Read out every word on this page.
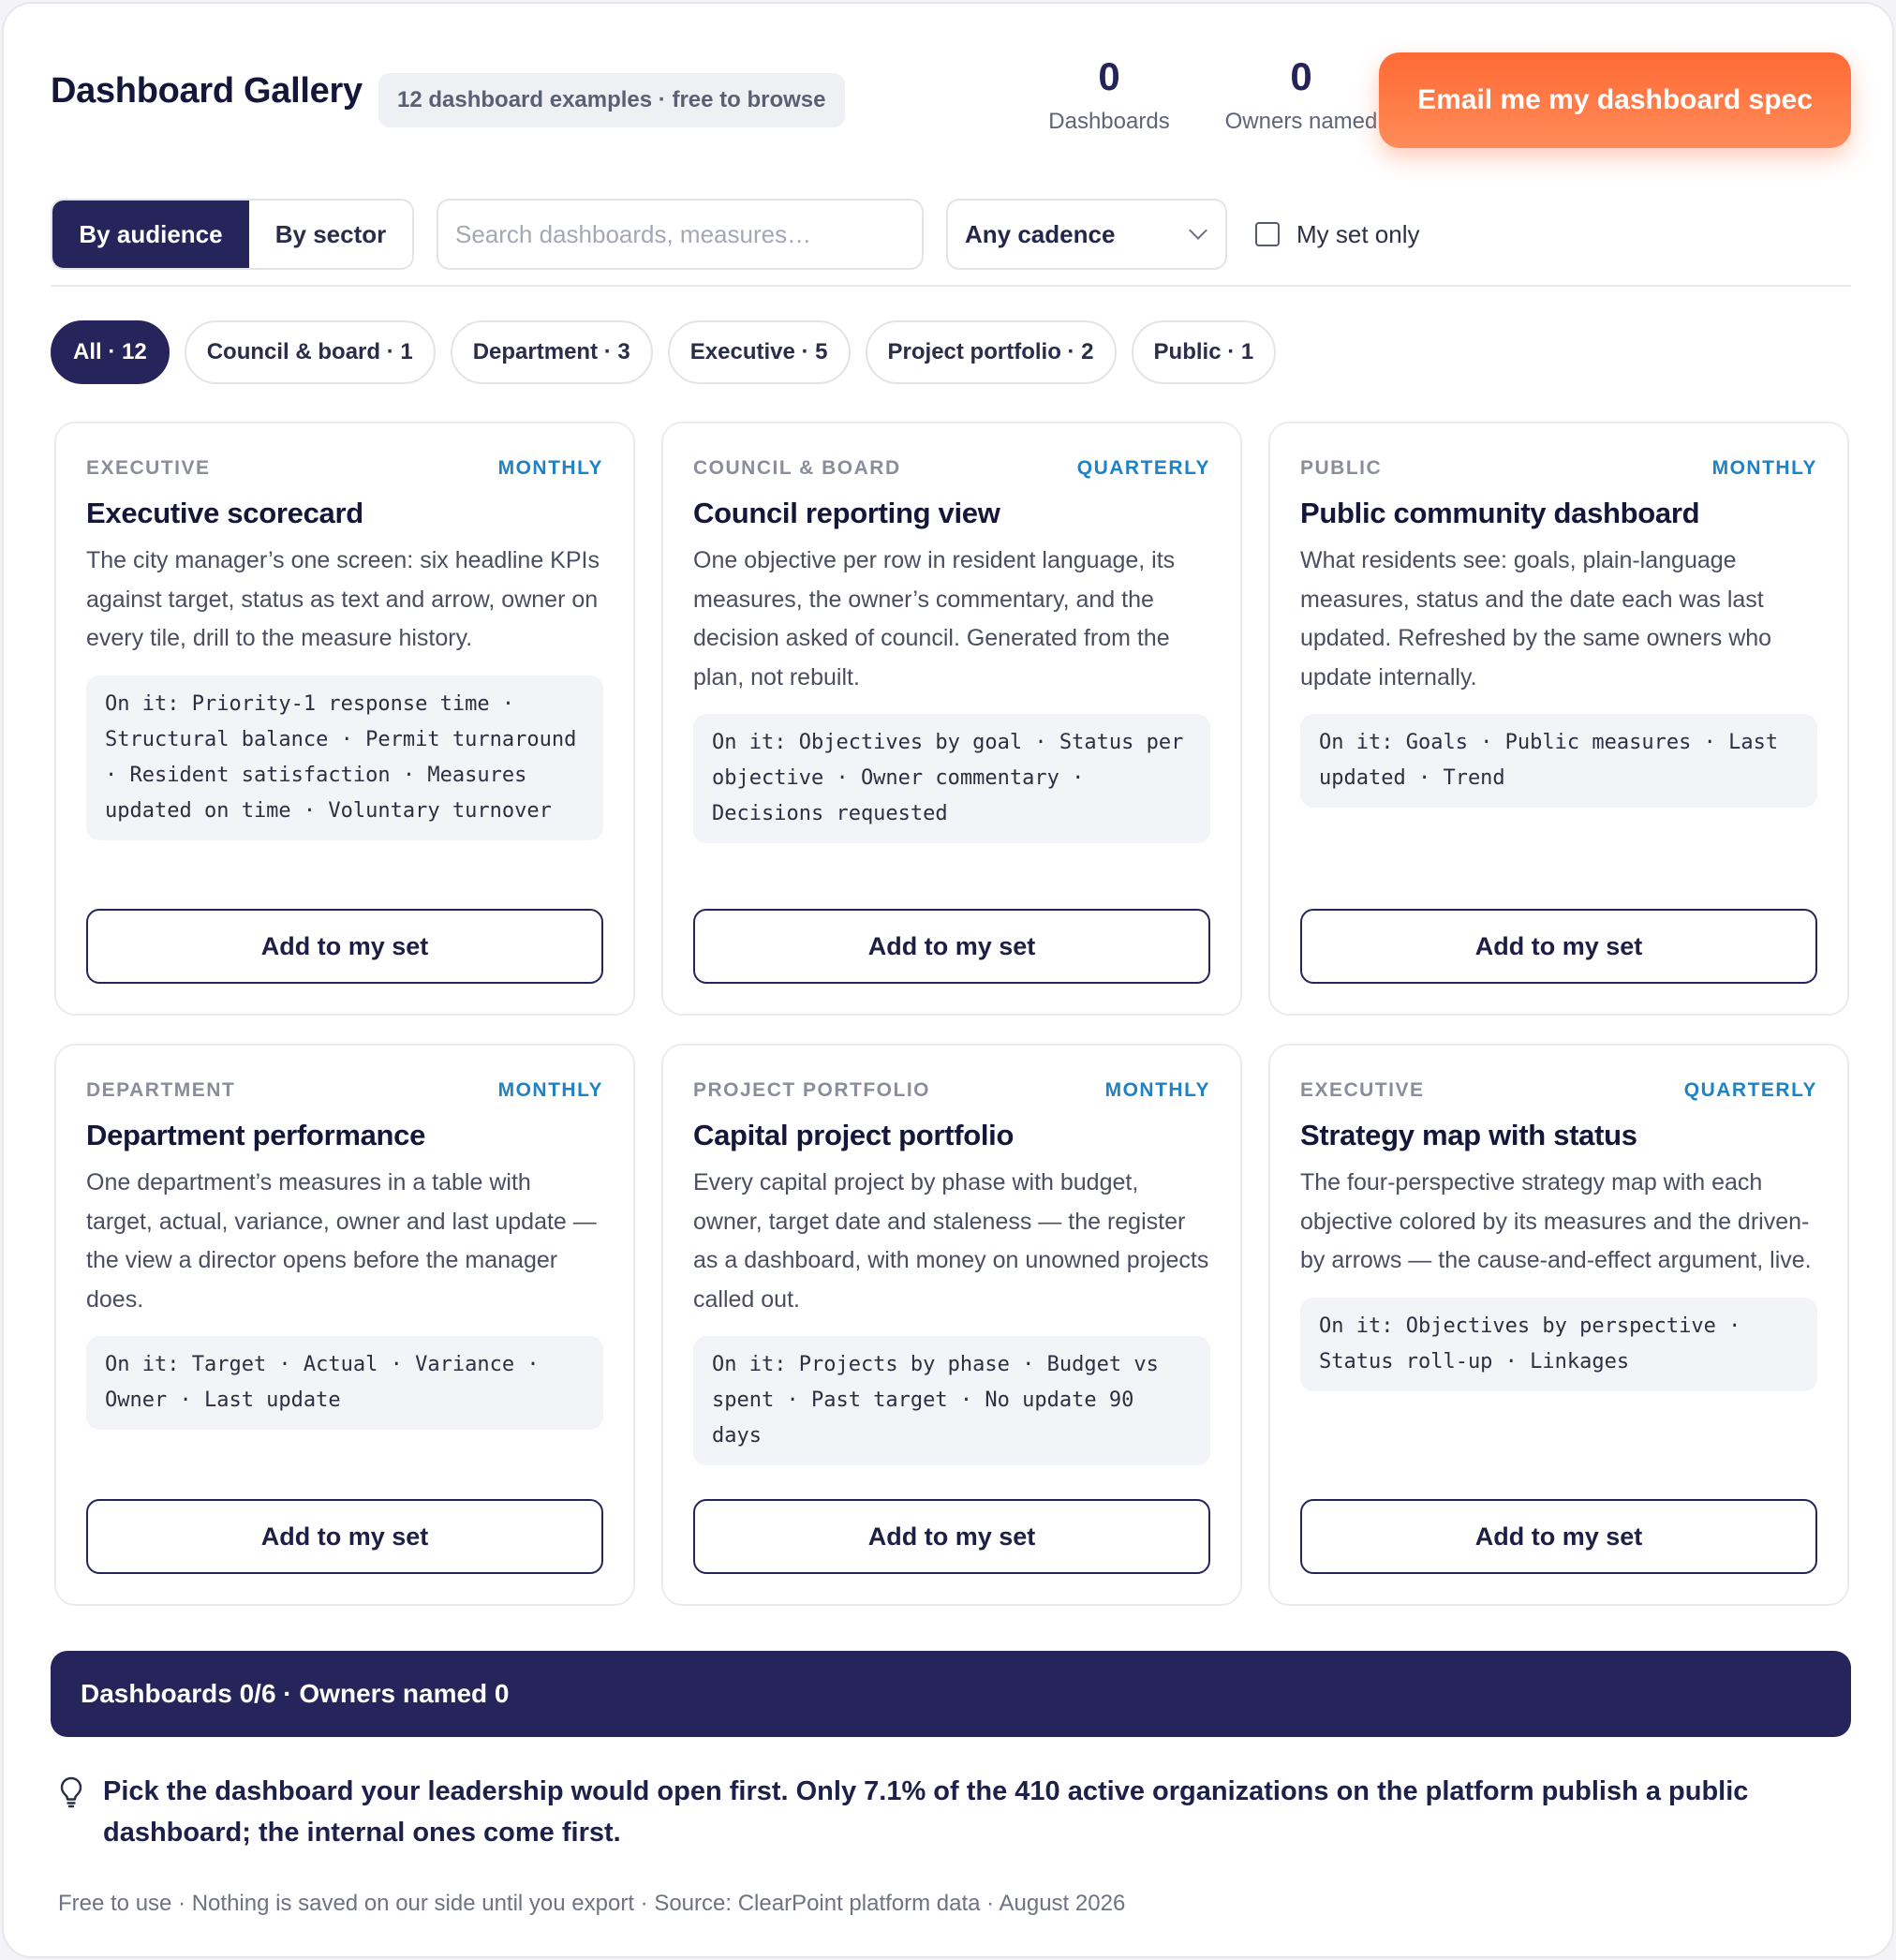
Dashboard Gallery	12 dashboard examples · free to browse
0
Dashboards
0
Owners named
Email me my dashboard spec
By audience	By sector
Search dashboards, measures…	Any cadence	My set only
All · 12	Council & board · 1	Department · 3	Executive · 5	Project portfolio · 2	Public · 1
EXECUTIVE	MONTHLY
Executive scorecard
The city manager’s one screen: six headline KPIs against target, status as text and arrow, owner on every tile, drill to the measure history.
On it: Priority-1 response time · Structural balance · Permit turnaround · Resident satisfaction · Measures updated on time · Voluntary turnover
Add to my set
COUNCIL & BOARD	QUARTERLY
Council reporting view
One objective per row in resident language, its measures, the owner’s commentary, and the decision asked of council. Generated from the plan, not rebuilt.
On it: Objectives by goal · Status per objective · Owner commentary · Decisions requested
Add to my set
PUBLIC	MONTHLY
Public community dashboard
What residents see: goals, plain-language measures, status and the date each was last updated. Refreshed by the same owners who update internally.
On it: Goals · Public measures · Last updated · Trend
Add to my set
DEPARTMENT	MONTHLY
Department performance
One department’s measures in a table with target, actual, variance, owner and last update — the view a director opens before the manager does.
On it: Target · Actual · Variance · Owner · Last update
Add to my set
PROJECT PORTFOLIO	MONTHLY
Capital project portfolio
Every capital project by phase with budget, owner, target date and staleness — the register as a dashboard, with money on unowned projects called out.
On it: Projects by phase · Budget vs spent · Past target · No update 90 days
Add to my set
EXECUTIVE	QUARTERLY
Strategy map with status
The four-perspective strategy map with each objective colored by its measures and the driven-by arrows — the cause-and-effect argument, live.
On it: Objectives by perspective · Status roll-up · Linkages
Add to my set
Dashboards 0/6 · Owners named 0

Pick the dashboard your leadership would open first. Only 7.1% of the 410 active organizations on the platform publish a public dashboard; the internal ones come first.

Free to use · Nothing is saved on our side until you export · Source: ClearPoint platform data · August 2026
